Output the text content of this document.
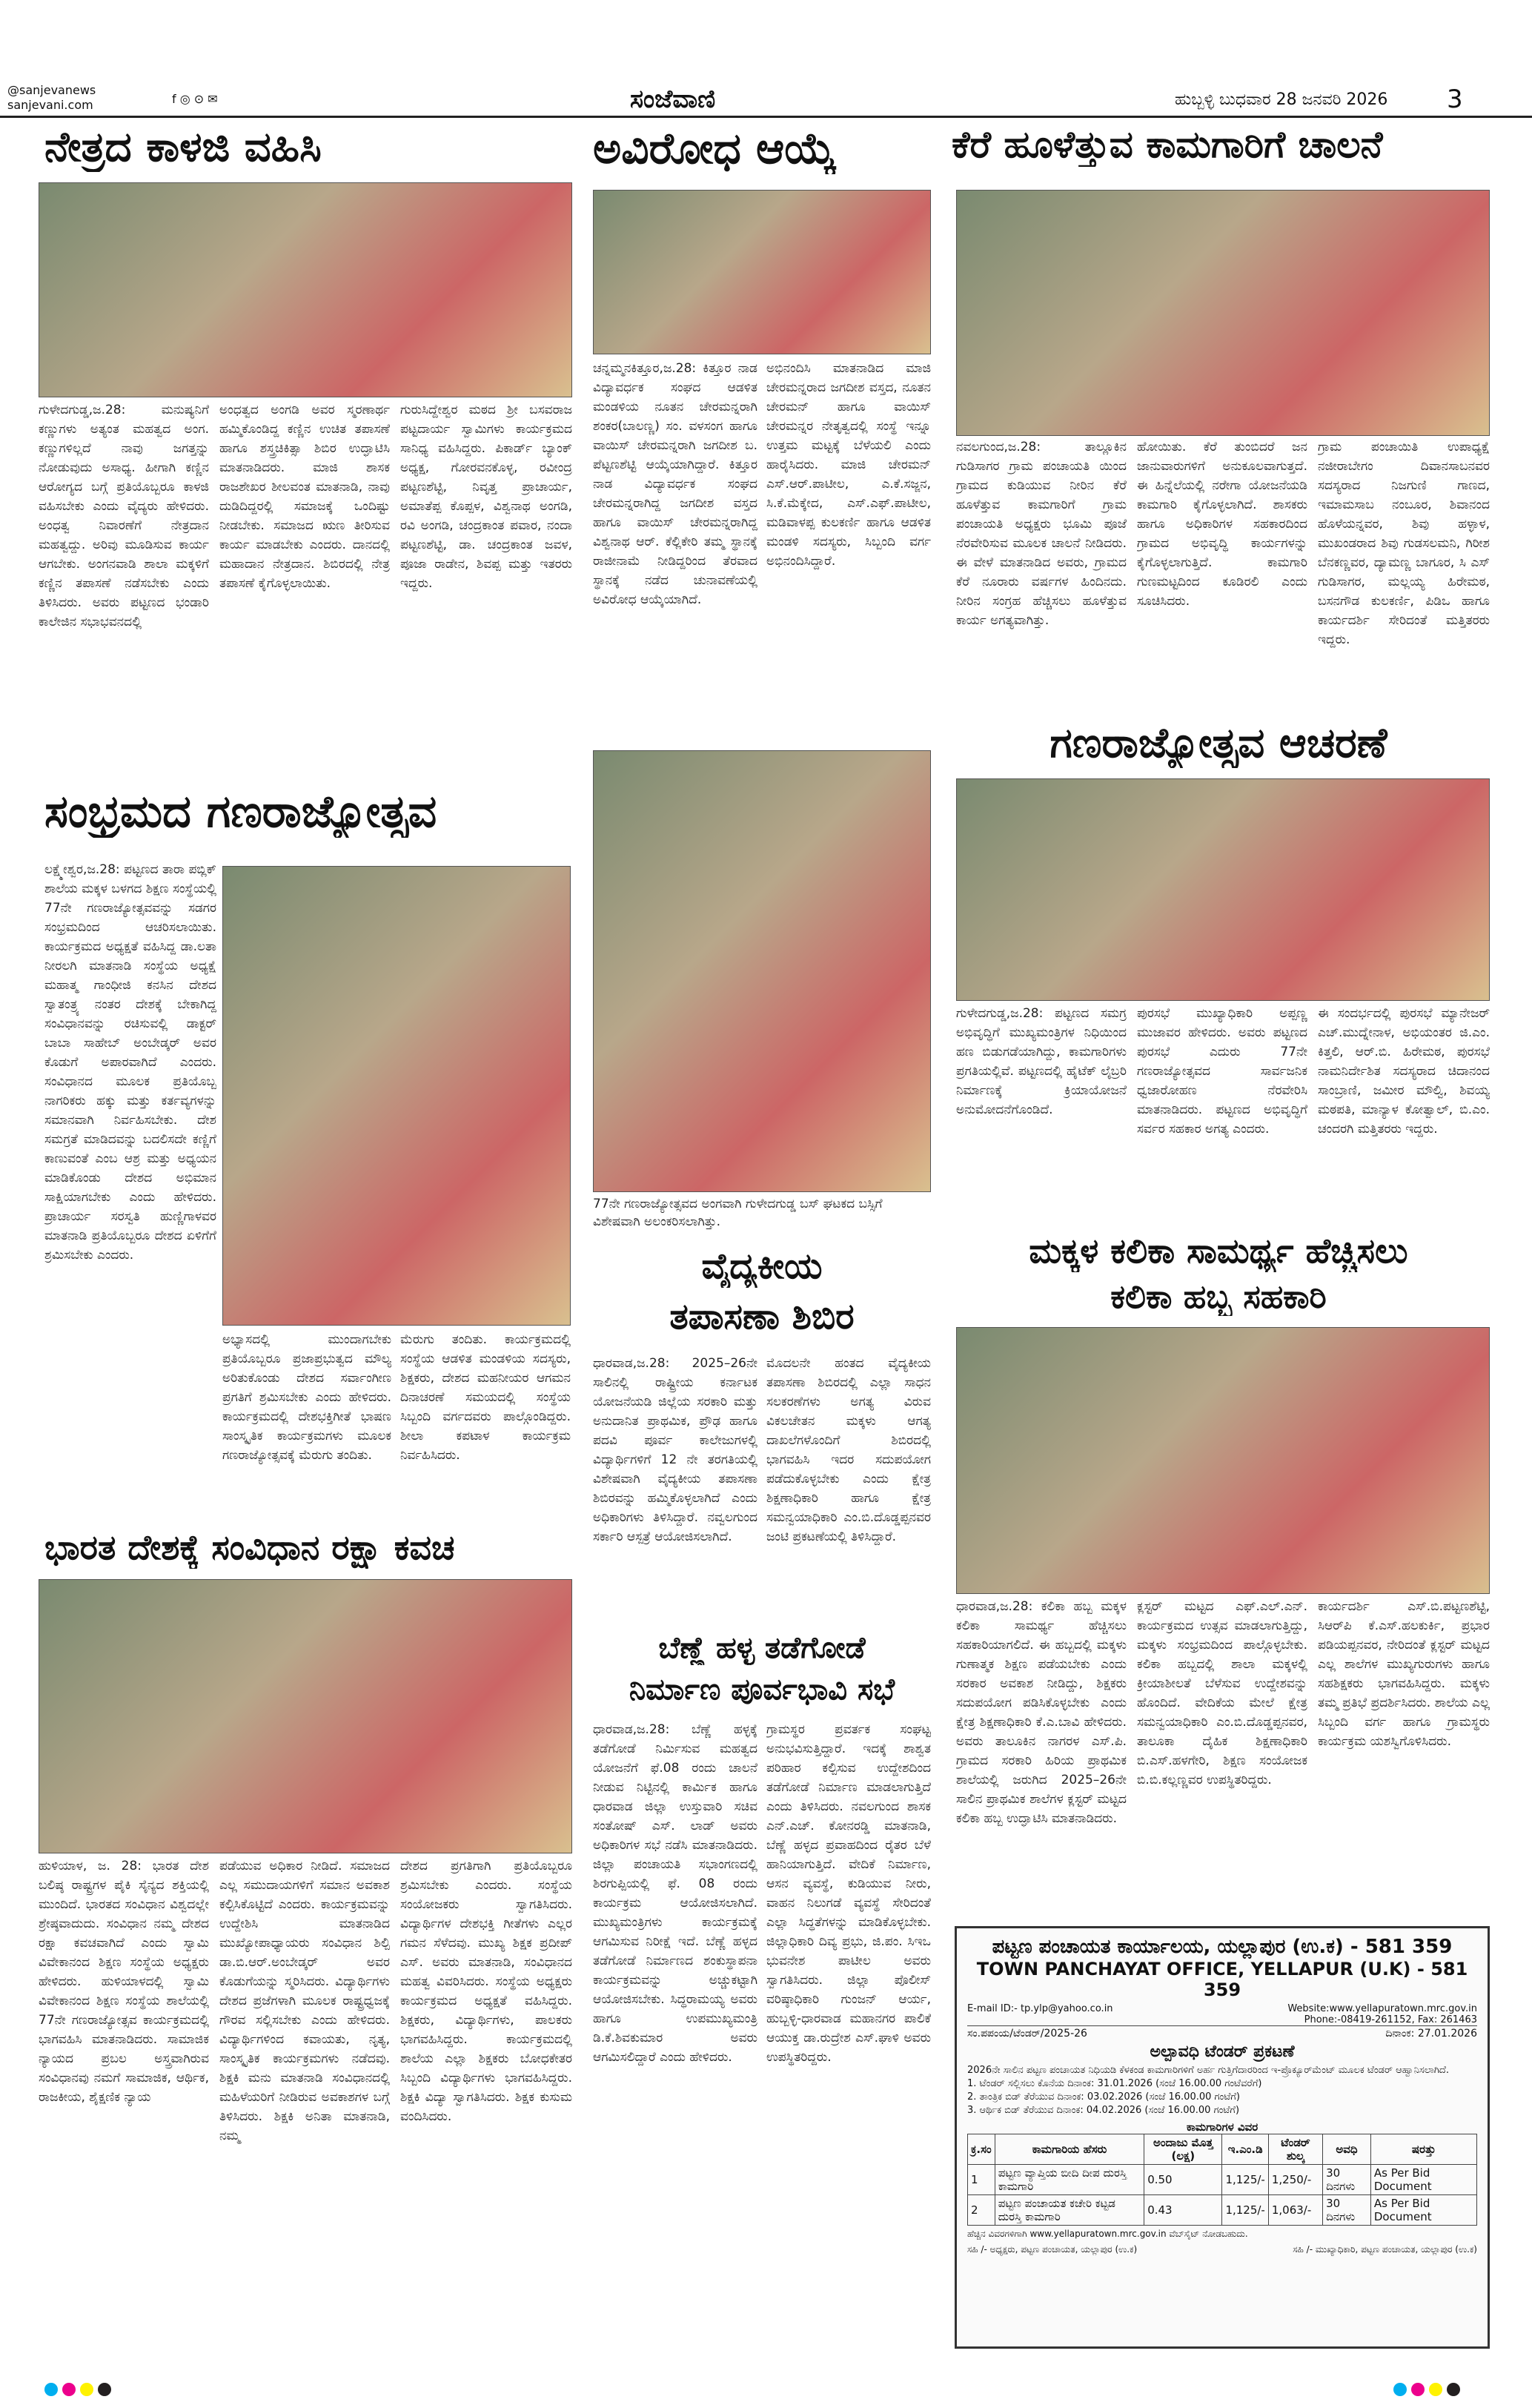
@sanjevanews
sanjevani.com	f ◎ ⊙ ✉	ಸಂಜೆವಾಣಿ	ಹುಬ್ಬಳ್ಳಿ ಬುಧವಾರ 28 ಜನವರಿ 2026 3
ನೇತ್ರದ ಕಾಳಜಿ ವಹಿಸಿ
ಗುಳೇದಗುಡ್ಡ,ಜ.28: ಮನುಷ್ಯನಿಗೆ ಕಣ್ಣುಗಳು ಅತ್ಯಂತ ಮಹತ್ವದ ಅಂಗ. ಕಣ್ಣುಗಳಿಲ್ಲದೆ ನಾವು ಜಗತ್ತನ್ನು ನೋಡುವುದು ಅಸಾಧ್ಯ. ಹೀಗಾಗಿ ಕಣ್ಣಿನ ಆರೋಗ್ಯದ ಬಗ್ಗೆ ಪ್ರತಿಯೊಬ್ಬರೂ ಕಾಳಜಿ ವಹಿಸಬೇಕು ಎಂದು ವೈದ್ಯರು ಹೇಳಿದರು. ಅಂಧತ್ವ ನಿವಾರಣೆಗೆ ನೇತ್ರದಾನ ಮಹತ್ವದ್ದು. ಅರಿವು ಮೂಡಿಸುವ ಕಾರ್ಯ ಆಗಬೇಕು. ಅಂಗನವಾಡಿ ಶಾಲಾ ಮಕ್ಕಳಿಗೆ ಕಣ್ಣಿನ ತಪಾಸಣೆ ನಡೆಸಬೇಕು ಎಂದು ತಿಳಿಸಿದರು. ಅವರು ಪಟ್ಟಣದ ಭಂಡಾರಿ ಕಾಲೇಜಿನ ಸಭಾಭವನದಲ್ಲಿ
ಅಂಧತ್ವದ ಅಂಗಡಿ ಅವರ ಸ್ಮರಣಾರ್ಥ ಹಮ್ಮಿಕೊಂಡಿದ್ದ ಕಣ್ಣಿನ ಉಚಿತ ತಪಾಸಣೆ ಹಾಗೂ ಶಸ್ತ್ರಚಿಕಿತ್ಸಾ ಶಿಬಿರ ಉದ್ಘಾಟಿಸಿ ಮಾತನಾಡಿದರು. ಮಾಜಿ ಶಾಸಕ ರಾಜಶೇಖರ ಶೀಲವಂತ ಮಾತನಾಡಿ, ನಾವು ದುಡಿದಿದ್ದರಲ್ಲಿ ಸಮಾಜಕ್ಕೆ ಒಂದಿಷ್ಟು ನೀಡಬೇಕು. ಸಮಾಜದ ಋಣ ತೀರಿಸುವ ಕಾರ್ಯ ಮಾಡಬೇಕು ಎಂದರು. ದಾನದಲ್ಲಿ ಮಹಾದಾನ ನೇತ್ರದಾನ. ಶಿಬಿರದಲ್ಲಿ ನೇತ್ರ ತಪಾಸಣೆ ಕೈಗೊಳ್ಳಲಾಯಿತು.
ಗುರುಸಿದ್ದೇಶ್ವರ ಮಠದ ಶ್ರೀ ಬಸವರಾಜ ಪಟ್ಟದಾರ್ಯ ಸ್ವಾಮಿಗಳು ಕಾರ್ಯಕ್ರಮದ ಸಾನಿಧ್ಯ ವಹಿಸಿದ್ದರು. ಪಿಕಾರ್ಡ್ ಬ್ಯಾಂಕ್ ಅಧ್ಯಕ್ಷ, ಗೋರವನಕೊಳ್ಳ, ರವೀಂದ್ರ ಪಟ್ಟಣಶೆಟ್ಟಿ, ನಿವೃತ್ತ ಪ್ರಾಚಾರ್ಯ, ಅಮಾತೆಪ್ಪ ಕೊಪ್ಪಳ, ವಿಶ್ವನಾಥ ಅಂಗಡಿ, ರವಿ ಅಂಗಡಿ, ಚಂದ್ರಕಾಂತ ಪವಾರ, ನಂದಾ ಪಟ್ಟಣಶೆಟ್ಟಿ, ಡಾ. ಚಂದ್ರಕಾಂತ ಜವಳ, ಪೂಜಾ ರಾಡೇನ, ಶಿವಪ್ಪ ಮತ್ತು ಇತರರು ಇದ್ದರು.
ಅವಿರೋಧ ಆಯ್ಕೆ
ಚನ್ನಮ್ಮನಕಿತ್ತೂರ,ಜ.28: ಕಿತ್ತೂರ ನಾಡ ವಿದ್ಯಾವರ್ಧಕ ಸಂಘದ ಆಡಳಿತ ಮಂಡಳಿಯ ನೂತನ ಚೇರಮನ್ನರಾಗಿ ಶಂಕರ(ಬಾಲಣ್ಣ) ಸಂ. ವಳಸಂಗ ಹಾಗೂ ವಾಯಿಸ್ ಚೇರಮನ್ನರಾಗಿ ಜಗದೀಶ ಬ. ಪೆಟ್ಟಣಶೆಟ್ಟಿ ಆಯ್ಕೆಯಾಗಿದ್ದಾರೆ. ಕಿತ್ತೂರ ನಾಡ ವಿದ್ಯಾವರ್ಧಕ ಸಂಘದ ಚೇರಮನ್ನರಾಗಿದ್ದ ಜಗದೀಶ ವಸ್ತದ ಹಾಗೂ ವಾಯಿಸ್ ಚೇರಮನ್ನರಾಗಿದ್ದ ವಿಶ್ವನಾಥ ಆರ್. ಕೆಲ್ಲಿಕೇರಿ ತಮ್ಮ ಸ್ಥಾನಕ್ಕೆ ರಾಜೀನಾಮೆ ನೀಡಿದ್ದರಿಂದ ತೆರವಾದ ಸ್ಥಾನಕ್ಕೆ ನಡೆದ ಚುನಾವಣೆಯಲ್ಲಿ ಅವಿರೋಧ ಆಯ್ಕೆಯಾಗಿದೆ.
ಅಭಿನಂದಿಸಿ ಮಾತನಾಡಿದ ಮಾಜಿ ಚೇರಮನ್ನರಾದ ಜಗದೀಶ ವಸ್ತದ, ನೂತನ ಚೇರಮನ್ ಹಾಗೂ ವಾಯಿಸ್ ಚೇರಮನ್ನರ ನೇತೃತ್ವದಲ್ಲಿ ಸಂಸ್ಥೆ ಇನ್ನೂ ಉತ್ತಮ ಮಟ್ಟಕ್ಕೆ ಬೆಳೆಯಲಿ ಎಂದು ಹಾರೈಸಿದರು. ಮಾಜಿ ಚೇರಮನ್ ಎಸ್.ಆರ್.ಪಾಟೀಲ, ಎ.ಕೆ.ಸಜ್ಜನ, ಸಿ.ಕೆ.ಮೆಕ್ಕೇದ, ಎಸ್.ಎಫ್.ಪಾಟೀಲ, ಮಡಿವಾಳಪ್ಪ ಕುಲಕರ್ಣಿ ಹಾಗೂ ಆಡಳಿತ ಮಂಡಳಿ ಸದಸ್ಯರು, ಸಿಬ್ಬಂದಿ ವರ್ಗ ಅಭಿನಂದಿಸಿದ್ದಾರೆ.
ಕೆರೆ ಹೂಳೆತ್ತುವ ಕಾಮಗಾರಿಗೆ ಚಾಲನೆ
ನವಲಗುಂದ,ಜ.28: ತಾಲ್ಲೂಕಿನ ಗುಡಿಸಾಗರ ಗ್ರಾಮ ಪಂಚಾಯತಿ ಯಿಂದ ಗ್ರಾಮದ ಕುಡಿಯುವ ನೀರಿನ ಕೆರೆ ಹೂಳೆತ್ತುವ ಕಾಮಗಾರಿಗೆ ಗ್ರಾಮ ಪಂಚಾಯತಿ ಅಧ್ಯಕ್ಷರು ಭೂಮಿ ಪೂಜೆ ನೆರವೇರಿಸುವ ಮೂಲಕ ಚಾಲನೆ ನೀಡಿದರು. ಈ ವೇಳೆ ಮಾತನಾಡಿದ ಅವರು, ಗ್ರಾಮದ ಕೆರೆ ನೂರಾರು ವರ್ಷಗಳ ಹಿಂದಿನದು. ನೀರಿನ ಸಂಗ್ರಹ ಹೆಚ್ಚಿಸಲು ಹೂಳೆತ್ತುವ ಕಾರ್ಯ ಅಗತ್ಯವಾಗಿತ್ತು.
ಹೋಯಿತು. ಕೆರೆ ತುಂಬಿದರೆ ಜನ ಜಾನುವಾರುಗಳಿಗೆ ಅನುಕೂಲವಾಗುತ್ತದೆ. ಈ ಹಿನ್ನೆಲೆಯಲ್ಲಿ ನರೇಗಾ ಯೋಜನೆಯಡಿ ಕಾಮಗಾರಿ ಕೈಗೊಳ್ಳಲಾಗಿದೆ. ಶಾಸಕರು ಹಾಗೂ ಅಧಿಕಾರಿಗಳ ಸಹಕಾರದಿಂದ ಗ್ರಾಮದ ಅಭಿವೃದ್ಧಿ ಕಾರ್ಯಗಳನ್ನು ಕೈಗೊಳ್ಳಲಾಗುತ್ತಿದೆ. ಕಾಮಗಾರಿ ಗುಣಮಟ್ಟದಿಂದ ಕೂಡಿರಲಿ ಎಂದು ಸೂಚಿಸಿದರು.
ಗ್ರಾಮ ಪಂಚಾಯಿತಿ ಉಪಾಧ್ಯಕ್ಷೆ ನಜೀರಾಬೇಗಂ ದಿವಾನಸಾಬನವರ ಸದಸ್ಯರಾದ ನಿಜಗುಣಿ ಗಾಣದ, ಇಮಾಮಸಾಬ ನಂಬೂರ, ಶಿವಾನಂದ ಹೊಳೆಯನ್ನವರ, ಶಿವು ಹಳ್ಳಾಳ, ಮುಖಂಡರಾದ ಶಿವು ಗುಡಸಲಮನಿ, ಗಿರೀಶ ಬೆನಕಣ್ಣವರ, ದ್ಯಾಮಣ್ಣ ಬಾಗೂರ, ಸಿ ಎಸ್ ಗುಡಿಸಾಗರ, ಮಲ್ಲಯ್ಯ ಹಿರೇಮಠ, ಬಸನಗೌಡ ಕುಲಕರ್ಣಿ, ಪಿಡಿಒ ಹಾಗೂ ಕಾರ್ಯದರ್ಶಿ ಸೇರಿದಂತೆ ಮತ್ತಿತರರು ಇದ್ದರು.
ಸಂಭ್ರಮದ ಗಣರಾಜ್ಯೋತ್ಸವ
ಲಕ್ಷ್ಮೇಶ್ವರ,ಜ.28: ಪಟ್ಟಣದ ತಾರಾ ಪಬ್ಲಿಕ್ ಶಾಲೆಯ ಮಕ್ಕಳ ಬಳಗದ ಶಿಕ್ಷಣ ಸಂಸ್ಥೆಯಲ್ಲಿ 77ನೇ ಗಣರಾಜ್ಯೋತ್ಸವವನ್ನು ಸಡಗರ ಸಂಭ್ರಮದಿಂದ ಆಚರಿಸಲಾಯಿತು. ಕಾರ್ಯಕ್ರಮದ ಅಧ್ಯಕ್ಷತೆ ವಹಿಸಿದ್ದ ಡಾ.ಲತಾ ನೀರಲಗಿ ಮಾತನಾಡಿ ಸಂಸ್ಥೆಯ ಅಧ್ಯಕ್ಷೆ ಮಹಾತ್ಮ ಗಾಂಧೀಜಿ ಕನಸಿನ ದೇಶದ ಸ್ವಾತಂತ್ರ್ಯ ನಂತರ ದೇಶಕ್ಕೆ ಬೇಕಾಗಿದ್ದ ಸಂವಿಧಾನವನ್ನು ರಚಿಸುವಲ್ಲಿ ಡಾಕ್ಟರ್ ಬಾಬಾ ಸಾಹೇಬ್ ಅಂಬೇಡ್ಕರ್ ಅವರ ಕೊಡುಗೆ ಅಪಾರವಾಗಿದೆ ಎಂದರು. ಸಂವಿಧಾನದ ಮೂಲಕ ಪ್ರತಿಯೊಬ್ಬ ನಾಗರಿಕರು ಹಕ್ಕು ಮತ್ತು ಕರ್ತವ್ಯಗಳನ್ನು ಸಮಾನವಾಗಿ ನಿರ್ವಹಿಸಬೇಕು. ದೇಶ ಸಮಗ್ರತೆ ಮಾಡಿದವನ್ನು ಬದಲಿಸದೇ ಕಣ್ಣಿಗೆ ಕಾಣುವಂತೆ ಎಂಬ ಆಶ್ರ ಮತ್ತು ಅಧ್ಯಯನ ಮಾಡಿಕೊಂಡು ದೇಶದ ಅಭಿಮಾನ ಸಾಕ್ಷಿಯಾಗಬೇಕು ಎಂದು ಹೇಳಿದರು. ಪ್ರಾಚಾರ್ಯ ಸರಸ್ವತಿ ಹುಣ್ಣಿಗಾಳವರ ಮಾತನಾಡಿ ಪ್ರತಿಯೊಬ್ಬರೂ ದೇಶದ ಏಳಿಗೆಗೆ ಶ್ರಮಿಸಬೇಕು ಎಂದರು.
ಅಭ್ಯಾಸದಲ್ಲಿ ಮುಂದಾಗಬೇಕು ಪ್ರತಿಯೊಬ್ಬರೂ ಪ್ರಜಾಪ್ರಭುತ್ವದ ಮೌಲ್ಯ ಅರಿತುಕೊಂಡು ದೇಶದ ಸರ್ವಾಂಗೀಣ ಪ್ರಗತಿಗೆ ಶ್ರಮಿಸಬೇಕು ಎಂದು ಹೇಳಿದರು. ಕಾರ್ಯಕ್ರಮದಲ್ಲಿ ದೇಶಭಕ್ತಿಗೀತೆ ಭಾಷಣ ಸಾಂಸ್ಕೃತಿಕ ಕಾರ್ಯಕ್ರಮಗಳು ಮೂಲಕ ಗಣರಾಜ್ಯೋತ್ಸವಕ್ಕೆ ಮೆರುಗು ತಂದಿತು.
ಮೆರುಗು ತಂದಿತು. ಕಾರ್ಯಕ್ರಮದಲ್ಲಿ ಸಂಸ್ಥೆಯ ಆಡಳಿತ ಮಂಡಳಿಯ ಸದಸ್ಯರು, ಶಿಕ್ಷಕರು, ದೇಶದ ಮಹನೀಯರ ಆಗಮನ ದಿನಾಚರಣೆ ಸಮಯದಲ್ಲಿ ಸಂಸ್ಥೆಯ ಸಿಬ್ಬಂದಿ ವರ್ಗದವರು ಪಾಲ್ಗೊಂಡಿದ್ದರು. ಶೀಲಾ ಕಪಟಾಳ ಕಾರ್ಯಕ್ರಮ ನಿರ್ವಹಿಸಿದರು.
77ನೇ ಗಣರಾಜ್ಯೋತ್ಸವದ ಅಂಗವಾಗಿ ಗುಳೇದಗುಡ್ಡ ಬಸ್ ಘಟಕದ ಬಸ್ಸಿಗೆ ವಿಶೇಷವಾಗಿ ಅಲಂಕರಿಸಲಾಗಿತ್ತು.
ವೈದ್ಯಕೀಯ
ತಪಾಸಣಾ ಶಿಬಿರ
ಧಾರವಾಡ,ಜ.28: 2025–26ನೇ ಸಾಲಿನಲ್ಲಿ ರಾಷ್ಟ್ರೀಯ ಕರ್ನಾಟಕ ಯೋಜನೆಯಡಿ ಜಿಲ್ಲೆಯ ಸರಕಾರಿ ಮತ್ತು ಅನುದಾನಿತ ಪ್ರಾಥಮಿಕ, ಪ್ರೌಢ ಹಾಗೂ ಪದವಿ ಪೂರ್ವ ಕಾಲೇಜುಗಳಲ್ಲಿ ವಿದ್ಯಾರ್ಥಿಗಳಿಗೆ 12 ನೇ ತರಗತಿಯಲ್ಲಿ ವಿಶೇಷವಾಗಿ ವೈದ್ಯಕೀಯ ತಪಾಸಣಾ ಶಿಬಿರವನ್ನು ಹಮ್ಮಿಕೊಳ್ಳಲಾಗಿದೆ ಎಂದು ಅಧಿಕಾರಿಗಳು ತಿಳಿಸಿದ್ದಾರೆ. ನವ್ವಲಗುಂದ ಸರ್ಕಾರಿ ಆಸ್ಪತ್ರೆ ಆಯೋಜಿಸಲಾಗಿದೆ.
ಮೊದಲನೇ ಹಂತದ ವೈದ್ಯಕೀಯ ತಪಾಸಣಾ ಶಿಬಿರದಲ್ಲಿ ಎಲ್ಲಾ ಸಾಧನ ಸಲಕರಣೆಗಳು ಅಗತ್ಯ ವಿರುವ ವಿಕಲಚೇತನ ಮಕ್ಕಳು ಆಗತ್ಯ ದಾಖಲೆಗಳೊಂದಿಗೆ ಶಿಬಿರದಲ್ಲಿ ಭಾಗವಹಿಸಿ ಇದರ ಸದುಪಯೋಗ ಪಡೆದುಕೊಳ್ಳಬೇಕು ಎಂದು ಕ್ಷೇತ್ರ ಶಿಕ್ಷಣಾಧಿಕಾರಿ ಹಾಗೂ ಕ್ಷೇತ್ರ ಸಮನ್ವಯಾಧಿಕಾರಿ ಎಂ.ಬಿ.ದೊಡ್ಡಪ್ಪನವರ ಜಂಟಿ ಪ್ರಕಟಣೆಯಲ್ಲಿ ತಿಳಿಸಿದ್ದಾರೆ.
ಬೆಣ್ಣೆ ಹಳ್ಳ ತಡೆಗೋಡೆ
ನಿರ್ಮಾಣ ಪೂರ್ವಭಾವಿ ಸಭೆ
ಧಾರವಾಡ,ಜ.28: ಬೆಣ್ಣೆ ಹಳ್ಳಕ್ಕೆ ತಡೆಗೋಡೆ ನಿರ್ಮಿಸುವ ಮಹತ್ವದ ಯೋಜನೆಗೆ ಫೆ.08 ರಂದು ಚಾಲನೆ ನೀಡುವ ನಿಟ್ಟಿನಲ್ಲಿ ಕಾರ್ಮಿಕ ಹಾಗೂ ಧಾರವಾಡ ಜಿಲ್ಲಾ ಉಸ್ತುವಾರಿ ಸಚಿವ ಸಂತೋಷ್ ಎಸ್. ಲಾಡ್ ಅವರು ಅಧಿಕಾರಿಗಳ ಸಭೆ ನಡೆಸಿ ಮಾತನಾಡಿದರು. ಜಿಲ್ಲಾ ಪಂಚಾಯತಿ ಸಭಾಂಗಣದಲ್ಲಿ ಶಿರಗುಪ್ಪಿಯಲ್ಲಿ ಫೆ. 08 ರಂದು ಕಾರ್ಯಕ್ರಮ ಆಯೋಜಿಸಲಾಗಿದೆ. ಮುಖ್ಯಮಂತ್ರಿಗಳು ಕಾರ್ಯಕ್ರಮಕ್ಕೆ ಆಗಮಿಸುವ ನಿರೀಕ್ಷೆ ಇದೆ. ಬೆಣ್ಣೆ ಹಳ್ಳದ ತಡೆಗೋಡೆ ನಿರ್ಮಾಣದ ಶಂಕುಸ್ಥಾಪನಾ ಕಾರ್ಯಕ್ರಮವನ್ನು ಅಚ್ಚುಕಟ್ಟಾಗಿ ಆಯೋಜಿಸಬೇಕು. ಸಿದ್ಧರಾಮಯ್ಯ ಅವರು ಹಾಗೂ ಉಪಮುಖ್ಯಮಂತ್ರಿ ಡಿ.ಕೆ.ಶಿವಕುಮಾರ ಅವರು ಆಗಮಿಸಲಿದ್ದಾರೆ ಎಂದು ಹೇಳಿದರು.
ಗ್ರಾಮಸ್ಥರ ಪ್ರವರ್ತಕ ಸಂಘಟ್ಟ ಅನುಭವಿಸುತ್ತಿದ್ದಾರೆ. ಇದಕ್ಕೆ ಶಾಶ್ವತ ಪರಿಹಾರ ಕಲ್ಪಿಸುವ ಉದ್ದೇಶದಿಂದ ತಡೆಗೋಡೆ ನಿರ್ಮಾಣ ಮಾಡಲಾಗುತ್ತಿದೆ ಎಂದು ತಿಳಿಸಿದರು. ನವಲಗುಂದ ಶಾಸಕ ಎನ್.ಎಚ್. ಕೋನರಡ್ಡಿ ಮಾತನಾಡಿ, ಬೆಣ್ಣೆ ಹಳ್ಳದ ಪ್ರವಾಹದಿಂದ ರೈತರ ಬೆಳೆ ಹಾನಿಯಾಗುತ್ತಿದೆ. ವೇದಿಕೆ ನಿರ್ಮಾಣ, ಆಸನ ವ್ಯವಸ್ಥೆ, ಕುಡಿಯುವ ನೀರು, ವಾಹನ ನಿಲುಗಡೆ ವ್ಯವಸ್ಥೆ ಸೇರಿದಂತೆ ಎಲ್ಲಾ ಸಿದ್ಧತೆಗಳನ್ನು ಮಾಡಿಕೊಳ್ಳಬೇಕು. ಜಿಲ್ಲಾಧಿಕಾರಿ ದಿವ್ಯ ಪ್ರಭು, ಜಿ.ಪಂ. ಸಿಇಒ ಭುವನೇಶ ಪಾಟೀಲ ಅವರು ಸ್ವಾಗತಿಸಿದರು. ಜಿಲ್ಲಾ ಪೊಲೀಸ್ ವರಿಷ್ಠಾಧಿಕಾರಿ ಗುಂಜನ್ ಆರ್ಯ, ಹುಬ್ಬಳ್ಳಿ-ಧಾರವಾಡ ಮಹಾನಗರ ಪಾಲಿಕೆ ಆಯುಕ್ತ ಡಾ.ರುದ್ರೇಶ ಎಸ್.ಘಾಳಿ ಅವರು ಉಪಸ್ಥಿತರಿದ್ದರು.
ಗಣರಾಜ್ಯೋತ್ಸವ ಆಚರಣೆ
ಗುಳೇದಗುಡ್ಡ,ಜ.28: ಪಟ್ಟಣದ ಸಮಗ್ರ ಅಭಿವೃದ್ಧಿಗೆ ಮುಖ್ಯಮಂತ್ರಿಗಳ ನಿಧಿಯಿಂದ ಹಣ ಬಿಡುಗಡೆಯಾಗಿದ್ದು, ಕಾಮಗಾರಿಗಳು ಪ್ರಗತಿಯಲ್ಲಿವೆ. ಪಟ್ಟಣದಲ್ಲಿ ಹೈಟೆಕ್ ಲೈಬ್ರರಿ ನಿರ್ಮಾಣಕ್ಕೆ ಕ್ರಿಯಾಯೋಜನೆ ಅನುಮೋದನೆಗೊಂಡಿದೆ.
ಪುರಸಭೆ ಮುಖ್ಯಾಧಿಕಾರಿ ಅಪ್ಪಣ್ಣ ಮುಜಾವರ ಹೇಳಿದರು. ಅವರು ಪಟ್ಟಣದ ಪುರಸಭೆ ಎದುರು 77ನೇ ಗಣರಾಜ್ಯೋತ್ಸವದ ಸಾರ್ವಜನಿಕ ಧ್ವಜಾರೋಹಣ ನೆರವೇರಿಸಿ ಮಾತನಾಡಿದರು. ಪಟ್ಟಣದ ಅಭಿವೃದ್ಧಿಗೆ ಸರ್ವರ ಸಹಕಾರ ಅಗತ್ಯ ಎಂದರು.
ಈ ಸಂದರ್ಭದಲ್ಲಿ ಪುರಸಭೆ ಮ್ಯಾನೇಜರ್ ಎಚ್.ಮುದ್ನೇನಾಳ, ಅಭಿಯಂತರ ಜಿ.ಎಂ. ಕಿತ್ತಲಿ, ಆರ್.ಬಿ. ಹಿರೇಮಠ, ಪುರಸಭೆ ನಾಮನಿರ್ದೇಶಿತ ಸದಸ್ಯರಾದ ಚಿದಾನಂದ ಸಾಂಬ್ರಾಣಿ, ಜಮೀರ ಮೌಲ್ವಿ, ಶಿವಯ್ಯ ಮಠಪತಿ, ಮಾನ್ಯಾಳ ಕೋತ್ವಾಲ್, ಬಿ.ಎಂ. ಚಂದರಗಿ ಮತ್ತಿತರರು ಇದ್ದರು.
ಮಕ್ಕಳ ಕಲಿಕಾ ಸಾಮರ್ಥ್ಯ ಹೆಚ್ಚಿಸಲು
ಕಲಿಕಾ ಹಬ್ಬ ಸಹಕಾರಿ
ಧಾರವಾಡ,ಜ.28: ಕಲಿಕಾ ಹಬ್ಬ ಮಕ್ಕಳ ಕಲಿಕಾ ಸಾಮರ್ಥ್ಯ ಹೆಚ್ಚಿಸಲು ಸಹಕಾರಿಯಾಗಲಿದೆ. ಈ ಹಬ್ಬದಲ್ಲಿ ಮಕ್ಕಳು ಗುಣಾತ್ಮಕ ಶಿಕ್ಷಣ ಪಡೆಯಬೇಕು ಎಂದು ಸರಕಾರ ಅವಕಾಶ ನೀಡಿದ್ದು, ಶಿಕ್ಷಕರು ಸದುಪಯೋಗ ಪಡಿಸಿಕೊಳ್ಳಬೇಕು ಎಂದು ಕ್ಷೇತ್ರ ಶಿಕ್ಷಣಾಧಿಕಾರಿ ಕೆ.ಎ.ಬಾವಿ ಹೇಳಿದರು. ಅವರು ತಾಲೂಕಿನ ನಾಗರಳ ಎಸ್.ಪಿ. ಗ್ರಾಮದ ಸರಕಾರಿ ಹಿರಿಯ ಪ್ರಾಥಮಿಕ ಶಾಲೆಯಲ್ಲಿ ಜರುಗಿದ 2025–26ನೇ ಸಾಲಿನ ಪ್ರಾಥಮಿಕ ಶಾಲೆಗಳ ಕ್ಲಸ್ಟರ್ ಮಟ್ಟದ ಕಲಿಕಾ ಹಬ್ಬ ಉದ್ಘಾಟಿಸಿ ಮಾತನಾಡಿದರು.
ಕ್ಲಸ್ಟರ್ ಮಟ್ಟದ ಎಫ್.ಎಲ್.ಎನ್. ಕಾರ್ಯಕ್ರಮದ ಉತ್ಸವ ಮಾಡಲಾಗುತ್ತಿದ್ದು, ಮಕ್ಕಳು ಸಂಭ್ರಮದಿಂದ ಪಾಲ್ಗೊಳ್ಳಬೇಕು. ಕಲಿಕಾ ಹಬ್ಬದಲ್ಲಿ ಶಾಲಾ ಮಕ್ಕಳಲ್ಲಿ ಕ್ರೀಯಾಶೀಲತೆ ಬೆಳೆಸುವ ಉದ್ದೇಶವನ್ನು ಹೊಂದಿದೆ. ವೇದಿಕೆಯ ಮೇಲೆ ಕ್ಷೇತ್ರ ಸಮನ್ವಯಾಧಿಕಾರಿ ಎಂ.ಬಿ.ದೊಡ್ಡಪ್ಪನವರ, ತಾಲೂಕಾ ದೈಹಿಕ ಶಿಕ್ಷಣಾಧಿಕಾರಿ ಬಿ.ಎಸ್.ಹಳಗೇರಿ, ಶಿಕ್ಷಣ ಸಂಯೋಜಕ ಬಿ.ಬಿ.ಕಲ್ಲಣ್ಣವರ ಉಪಸ್ಥಿತರಿದ್ದರು.
ಕಾರ್ಯದರ್ಶಿ ಎಸ್.ಬಿ.ಪಟ್ಟಣಶೆಟ್ಟಿ, ಸಿಆರ್‌ಪಿ ಕೆ.ಎಸ್.ಹಲಕುರ್ಕಿ, ಪ್ರಭಾರ ಪಡಿಯಪ್ಪನವರ, ನೇರಿದಂತೆ ಕ್ಲಸ್ಟರ್ ಮಟ್ಟದ ಎಲ್ಲ ಶಾಲೆಗಳ ಮುಖ್ಯಗುರುಗಳು ಹಾಗೂ ಸಹಶಿಕ್ಷಕರು ಭಾಗವಹಿಸಿದ್ದರು. ಮಕ್ಕಳು ತಮ್ಮ ಪ್ರತಿಭೆ ಪ್ರದರ್ಶಿಸಿದರು. ಶಾಲೆಯ ಎಲ್ಲ ಸಿಬ್ಬಂದಿ ವರ್ಗ ಹಾಗೂ ಗ್ರಾಮಸ್ಥರು ಕಾರ್ಯಕ್ರಮ ಯಶಸ್ವಿಗೊಳಿಸಿದರು.
ಭಾರತ ದೇಶಕ್ಕೆ ಸಂವಿಧಾನ ರಕ್ಷಾ ಕವಚ
ಹುಳಿಯಾಳ, ಜ. 28: ಭಾರತ ದೇಶ ಬಲಿಷ್ಠ ರಾಷ್ಟ್ರಗಳ ಪೈಕಿ ಸೈನ್ಯದ ಶಕ್ತಿಯಲ್ಲಿ ಮುಂದಿದೆ. ಭಾರತದ ಸಂವಿಧಾನ ವಿಶ್ವದಲ್ಲೇ ಶ್ರೇಷ್ಠವಾದುದು. ಸಂವಿಧಾನ ನಮ್ಮ ದೇಶದ ರಕ್ಷಾ ಕವಚವಾಗಿದೆ ಎಂದು ಸ್ವಾಮಿ ವಿವೇಕಾನಂದ ಶಿಕ್ಷಣ ಸಂಸ್ಥೆಯ ಅಧ್ಯಕ್ಷರು ಹೇಳಿದರು. ಹುಳಿಯಾಳದಲ್ಲಿ ಸ್ವಾಮಿ ವಿವೇಕಾನಂದ ಶಿಕ್ಷಣ ಸಂಸ್ಥೆಯ ಶಾಲೆಯಲ್ಲಿ 77ನೇ ಗಣರಾಜ್ಯೋತ್ಸವ ಕಾರ್ಯಕ್ರಮದಲ್ಲಿ ಭಾಗವಹಿಸಿ ಮಾತನಾಡಿದರು. ಸಾಮಾಜಿಕ ನ್ಯಾಯದ ಪ್ರಬಲ ಅಸ್ತ್ರವಾಗಿರುವ ಸಂವಿಧಾನವು ನಮಗೆ ಸಾಮಾಜಿಕ, ಆರ್ಥಿಕ, ರಾಜಕೀಯ, ಶೈಕ್ಷಣಿಕ ನ್ಯಾಯ
ಪಡೆಯುವ ಅಧಿಕಾರ ನೀಡಿದೆ. ಸಮಾಜದ ಎಲ್ಲ ಸಮುದಾಯಗಳಿಗೆ ಸಮಾನ ಅವಕಾಶ ಕಲ್ಪಿಸಿಕೊಟ್ಟಿದೆ ಎಂದರು. ಕಾರ್ಯಕ್ರಮವನ್ನು ಉದ್ದೇಶಿಸಿ ಮಾತನಾಡಿದ ಮುಖ್ಯೋಪಾಧ್ಯಾಯರು ಸಂವಿಧಾನ ಶಿಲ್ಪಿ ಡಾ.ಬಿ.ಆರ್.ಅಂಬೇಡ್ಕರ್ ಅವರ ಕೊಡುಗೆಯನ್ನು ಸ್ಮರಿಸಿದರು. ವಿದ್ಯಾರ್ಥಿಗಳು ದೇಶದ ಪ್ರಜೆಗಳಾಗಿ ಮೂಲಕ ರಾಷ್ಟ್ರಧ್ವಜಕ್ಕೆ ಗೌರವ ಸಲ್ಲಿಸಬೇಕು ಎಂದು ಹೇಳಿದರು. ವಿದ್ಯಾರ್ಥಿಗಳಿಂದ ಕವಾಯತು, ನೃತ್ಯ, ಸಾಂಸ್ಕೃತಿಕ ಕಾರ್ಯಕ್ರಮಗಳು ನಡೆದವು. ಶಿಕ್ಷಕಿ ಮನು ಮಾತನಾಡಿ ಸಂವಿಧಾನದಲ್ಲಿ ಮಹಿಳೆಯರಿಗೆ ನೀಡಿರುವ ಅವಕಾಶಗಳ ಬಗ್ಗೆ ತಿಳಿಸಿದರು. ಶಿಕ್ಷಕಿ ಅನಿತಾ ಮಾತನಾಡಿ, ನಮ್ಮ
ದೇಶದ ಪ್ರಗತಿಗಾಗಿ ಪ್ರತಿಯೊಬ್ಬರೂ ಶ್ರಮಿಸಬೇಕು ಎಂದರು. ಸಂಸ್ಥೆಯ ಸಂಯೋಜಕರು ಸ್ವಾಗತಿಸಿದರು. ವಿದ್ಯಾರ್ಥಿಗಳ ದೇಶಭಕ್ತಿ ಗೀತೆಗಳು ಎಲ್ಲರ ಗಮನ ಸೆಳೆದವು. ಮುಖ್ಯ ಶಿಕ್ಷಕ ಪ್ರದೀಪ್ ಎಸ್. ಅವರು ಮಾತನಾಡಿ, ಸಂವಿಧಾನದ ಮಹತ್ವ ವಿವರಿಸಿದರು. ಸಂಸ್ಥೆಯ ಅಧ್ಯಕ್ಷರು ಕಾರ್ಯಕ್ರಮದ ಅಧ್ಯಕ್ಷತೆ ವಹಿಸಿದ್ದರು. ಶಿಕ್ಷಕರು, ವಿದ್ಯಾರ್ಥಿಗಳು, ಪಾಲಕರು ಭಾಗವಹಿಸಿದ್ದರು. ಕಾರ್ಯಕ್ರಮದಲ್ಲಿ ಶಾಲೆಯ ಎಲ್ಲಾ ಶಿಕ್ಷಕರು ಬೋಧಕೇತರ ಸಿಬ್ಬಂದಿ ವಿದ್ಯಾರ್ಥಿಗಳು ಭಾಗವಹಿಸಿದ್ದರು. ಶಿಕ್ಷಕಿ ವಿದ್ಯಾ ಸ್ವಾಗತಿಸಿದರು. ಶಿಕ್ಷಕ ಕುಸುಮ ವಂದಿಸಿದರು.
ಪಟ್ಟಣ ಪಂಚಾಯತ ಕಾರ್ಯಾಲಯ, ಯಲ್ಲಾಪುರ (ಉ.ಕ) - 581 359
TOWN PANCHAYAT OFFICE, YELLAPUR (U.K) - 581 359
E-mail ID:- tp.ylp@yahoo.co.in	Website:www.yellapuratown.mrc.gov.in
Phone:-08419-261152, Fax: 261463
ಸಂ.ಪಪಂಯ/ಟೆಂಡರ್/2025-26	ದಿನಾಂಕ: 27.01.2026
ಅಲ್ಪಾವಧಿ ಟೆಂಡರ್ ಪ್ರಕಟಣೆ
2026ನೇ ಸಾಲಿನ ಪಟ್ಟಣ ಪಂಚಾಯತ ನಿಧಿಯಡಿ ಕೆಳಕಂಡ ಕಾಮಗಾರಿಗಳಿಗೆ ಅರ್ಹ ಗುತ್ತಿಗೆದಾರರಿಂದ ಇ-ಪ್ರೊಕ್ಯೂರ್‌ಮೆಂಟ್ ಮೂಲಕ ಟೆಂಡರ್ ಆಹ್ವಾನಿಸಲಾಗಿದೆ.
1. ಟೆಂಡರ್ ಸಲ್ಲಿಸಲು ಕೊನೆಯ ದಿನಾಂಕ: 31.01.2026 (ಸಂಜೆ 16.00.00 ಗಂಟೆವರೆಗೆ)
2. ತಾಂತ್ರಿಕ ಬಿಡ್ ತೆರೆಯುವ ದಿನಾಂಕ: 03.02.2026 (ಸಂಜೆ 16.00.00 ಗಂಟೆಗೆ)
3. ಆರ್ಥಿಕ ಬಿಡ್ ತೆರೆಯುವ ದಿನಾಂಕ: 04.02.2026 (ಸಂಜೆ 16.00.00 ಗಂಟೆಗೆ)
ಕಾಮಗಾರಿಗಳ ವಿವರ
ಕ್ರ.ಸಂ	ಕಾಮಗಾರಿಯ ಹೆಸರು	ಅಂದಾಜು ಮೊತ್ತ (ಲಕ್ಷ)	ಇ.ಎಂ.ಡಿ	ಟೆಂಡರ್ ಶುಲ್ಕ	ಅವಧಿ	ಷರತ್ತು
1	ಪಟ್ಟಣ ವ್ಯಾಪ್ತಿಯ ಬೀದಿ ದೀಪ ದುರಸ್ತಿ ಕಾಮಗಾರಿ	0.50	1,125/-	1,250/-	30 ದಿನಗಳು	As Per Bid Document
2	ಪಟ್ಟಣ ಪಂಚಾಯತ ಕಚೇರಿ ಕಟ್ಟಡ ದುರಸ್ತಿ ಕಾಮಗಾರಿ	0.43	1,125/-	1,063/-	30 ದಿನಗಳು	As Per Bid Document
ಹೆಚ್ಚಿನ ವಿವರಗಳಿಗಾಗಿ www.yellapuratown.mrc.gov.in ವೆಬ್‌ಸೈಟ್ ನೋಡಬಹುದು.
ಸಹಿ /- ಅಧ್ಯಕ್ಷರು, ಪಟ್ಟಣ ಪಂಚಾಯತ, ಯಲ್ಲಾಪುರ (ಉ.ಕ)	ಸಹಿ /- ಮುಖ್ಯಾಧಿಕಾರಿ, ಪಟ್ಟಣ ಪಂಚಾಯತ, ಯಲ್ಲಾಪುರ (ಉ.ಕ)
